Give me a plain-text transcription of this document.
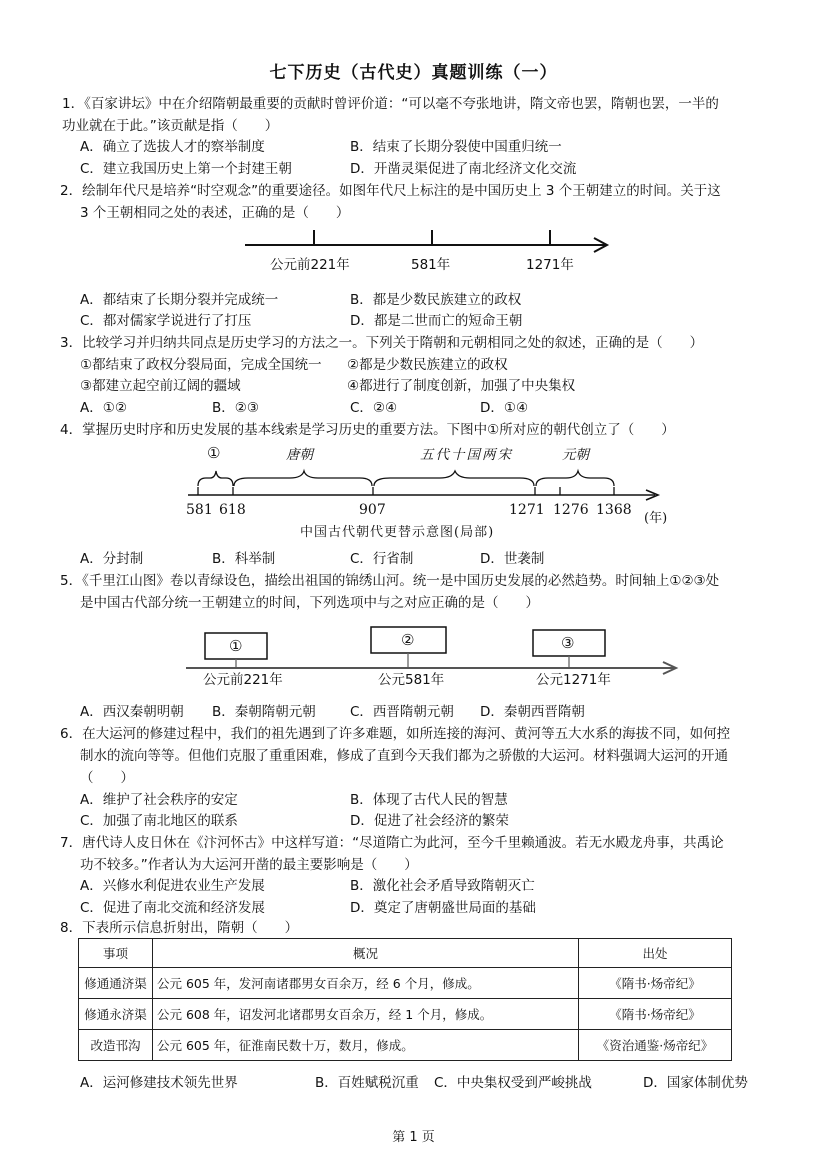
七下历史（古代史）真题训练（一）
1．《百家讲坛》中在介绍隋朝最重要的贡献时曾评价道：“可以毫不夸张地讲，隋文帝也罢，隋朝也罢，一半的
功业就在于此。”该贡献是指（　　）
A．确立了选拔人才的察举制度	B．结束了长期分裂使中国重归统一
C．建立我国历史上第一个封建王朝	D．开凿灵渠促进了南北经济文化交流
2．绘制年代尺是培养“时空观念”的重要途径。如图年代尺上标注的是中国历史上 3 个王朝建立的时间。关于这
3 个王朝相同之处的表述，正确的是（　　）
公元前221年	581年	1271年
A．都结束了长期分裂并完成统一	B．都是少数民族建立的政权
C．都对儒家学说进行了打压	D．都是二世而亡的短命王朝
3．比较学习并归纳共同点是历史学习的方法之一。下列关于隋朝和元朝相同之处的叙述，正确的是（　　）
①都结束了政权分裂局面，完成全国统一 ②都是少数民族建立的政权
③都建立起空前辽阔的疆域	④都进行了制度创新，加强了中央集权
A．①②	B．②③	C．②④	D．①④
4．掌握历史时序和历史发展的基本线索是学习历史的重要方法。下图中①所对应的朝代创立了（　　）
①	唐朝	五代十国两宋	元朝
581 618	907	1271 1276 1368
(年)
中国古代朝代更替示意图(局部)
A．分封制	B．科举制	C．行省制	D．世袭制
5．《千里江山图》卷以青绿设色，描绘出祖国的锦绣山河。统一是中国历史发展的必然趋势。时间轴上①②③处
是中国古代部分统一王朝建立的时间，下列选项中与之对应正确的是（　　）
①	②	③
公元前221年	公元581年	公元1271年
A．西汉秦朝明朝 B．秦朝隋朝元朝	C．西晋隋朝元朝 D．秦朝西晋隋朝
6．在大运河的修建过程中，我们的祖先遇到了许多难题，如所连接的海河、黄河等五大水系的海拔不同，如何控
制水的流向等等。但他们克服了重重困难，修成了直到今天我们都为之骄傲的大运河。材料强调大运河的开通
（　　）
A．维护了社会秩序的安定	B．体现了古代人民的智慧
C．加强了南北地区的联系	D．促进了社会经济的繁荣
7．唐代诗人皮日休在《汴河怀古》中这样写道：“尽道隋亡为此河，至今千里赖通波。若无水殿龙舟事，共禹论
功不较多。”作者认为大运河开凿的最主要影响是（　　）
A．兴修水利促进农业生产发展	B．激化社会矛盾导致隋朝灭亡
C．促进了南北交流和经济发展	D．奠定了唐朝盛世局面的基础
8．下表所示信息折射出，隋朝（　　）
事项	概况	出处
修通通济渠	公元 605 年，发河南诸郡男女百余万，经 6 个月，修成。	《隋书·炀帝纪》
修通永济渠	公元 608 年，诏发河北诸郡男女百余万，经 1 个月，修成。	《隋书·炀帝纪》
改造邗沟	公元 605 年，征淮南民数十万，数月，修成。	《资治通鉴·炀帝纪》
A．运河修建技术领先世界	B．百姓赋税沉重 C．中央集权受到严峻挑战	D．国家体制优势
第 1 页
